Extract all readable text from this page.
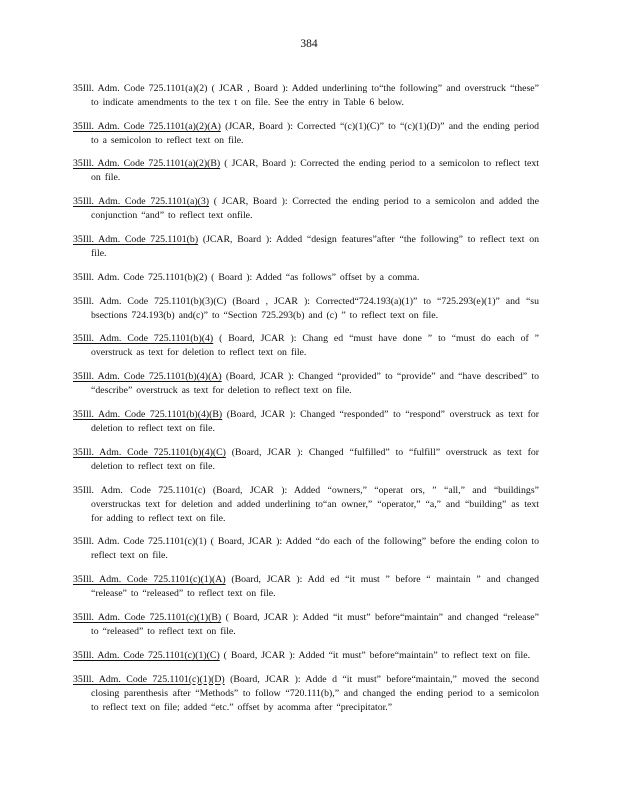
384

35Ill. Adm. Code 725.1101(a)(2) ( JCAR , Board ): Added underlining to“the following” and overstruck “these” to indicate amendments to the tex t on file. See the entry in Table 6 below.

35Ill. Adm. Code 725.1101(a)(2)(A) (JCAR, Board ): Corrected “(c)(1)(C)” to “(c)(1)(D)” and the ending period to a semicolon to reflect text on file.

35Ill. Adm. Code 725.1101(a)(2)(B) ( JCAR, Board ): Corrected the ending period to a semicolon to reflect text on file.

35Ill. Adm. Code 725.1101(a)(3) ( JCAR, Board ): Corrected the ending period to a semicolon and added the conjunction “and” to reflect text onfile.

35Ill. Adm. Code 725.1101(b) (JCAR, Board ): Added “design features”after “the following” to reflect text on file.

35Ill. Adm. Code 725.1101(b)(2) ( Board ): Added “as follows” offset by a comma.

35Ill. Adm. Code 725.1101(b)(3)(C) (Board , JCAR ): Corrected“724.193(a)(1)” to “725.293(e)(1)” and “su bsections 724.193(b) and(c)” to “Section 725.293(b) and (c) ” to reflect text on file.

35Ill. Adm. Code 725.1101(b)(4) ( Board, JCAR ): Chang ed “must have done ” to “must do each of ” overstruck as text for deletion to reflect text on file.

35Ill. Adm. Code 725.1101(b)(4)(A) (Board, JCAR ): Changed “provided” to “provide” and “have described” to “describe” overstruck as text for deletion to reflect text on file.

35Ill. Adm. Code 725.1101(b)(4)(B) (Board, JCAR ): Changed “responded” to “respond” overstruck as text for deletion to reflect text on file.

35Ill. Adm. Code 725.1101(b)(4)(C) (Board, JCAR ): Changed “fulfilled” to “fulfill” overstruck as text for deletion to reflect text on file.

35Ill. Adm. Code 725.1101(c) (Board, JCAR ): Added “owners,” “operat ors, ” “all,” and “buildings” overstruckas text for deletion and added underlining to“an owner,” “operator,” “a,” and “building” as text for adding to reflect text on file.

35Ill. Adm. Code 725.1101(c)(1) ( Board, JCAR ): Added “do each of the following” before the ending colon to reflect text on file.

35Ill. Adm. Code 725.1101(c)(1)(A) (Board, JCAR ): Add ed “it must ” before “ maintain ” and changed “release” to “released” to reflect text on file.

35Ill. Adm. Code 725.1101(c)(1)(B) ( Board, JCAR ): Added “it must” before“maintain” and changed “release” to “released” to reflect text on file.

35Ill. Adm. Code 725.1101(c)(1)(C) ( Board, JCAR ): Added “it must” before“maintain” to reflect text on file.

35Ill. Adm. Code 725.1101(c)(1)(D) (Board, JCAR ): Adde d “it must” before“maintain,” moved the second closing parenthesis after “Methods” to follow “720.111(b),” and changed the ending period to a semicolon to reflect text on file; added “etc.” offset by acomma after “precipitator.”
